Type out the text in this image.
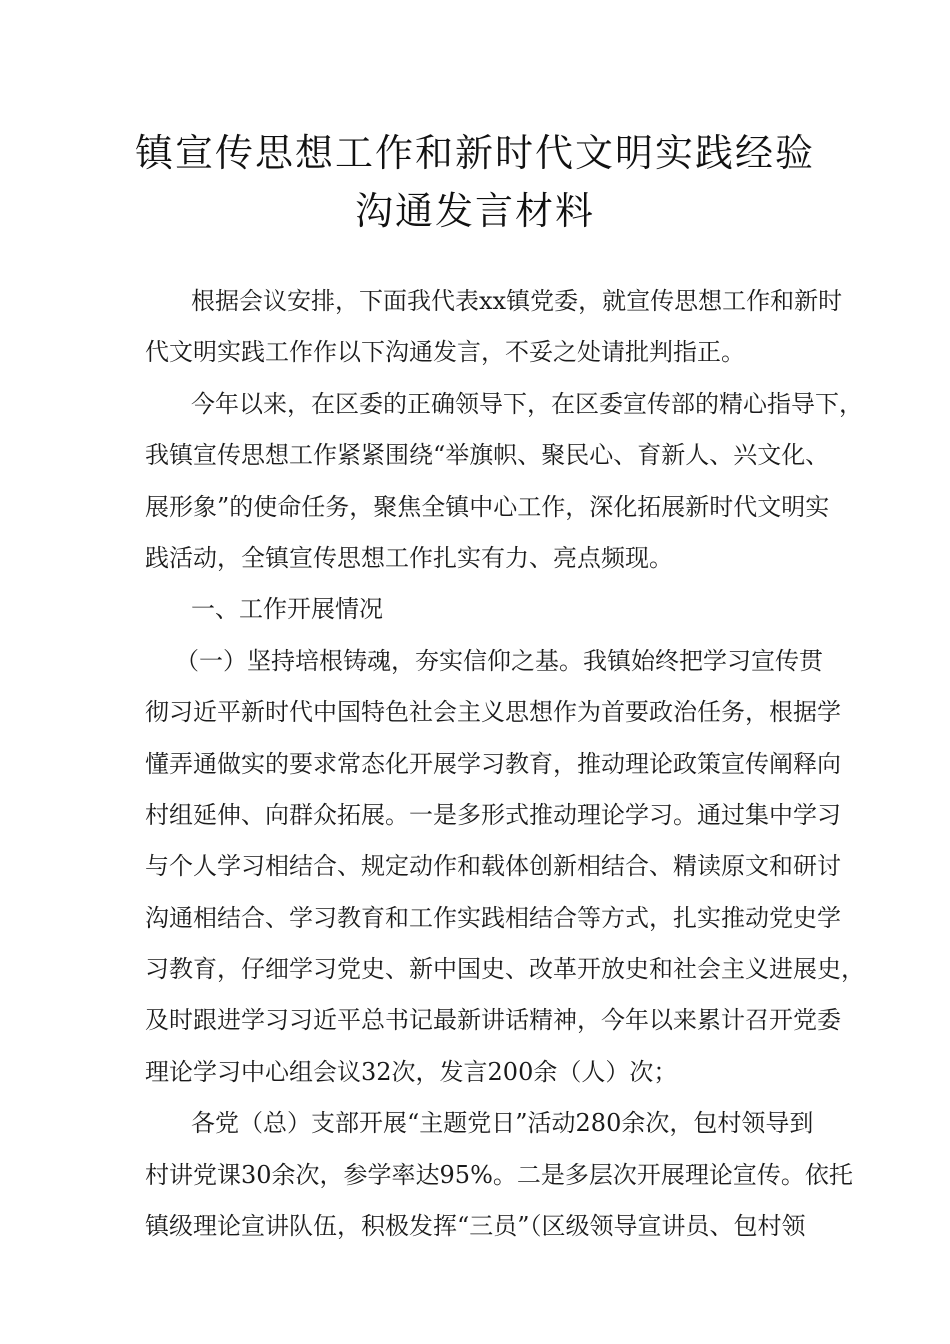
镇宣传思想工作和新时代文明实践经验
沟通发言材料
根据会议安排，下面我代表xx镇党委，就宣传思想工作和新时
代文明实践工作作以下沟通发言，不妥之处请批判指正。
今年以来，在区委的正确领导下，在区委宣传部的精心指导下，
我镇宣传思想工作紧紧围绕“举旗帜、聚民心、育新人、兴文化、
展形象”的使命任务，聚焦全镇中心工作，深化拓展新时代文明实
践活动，全镇宣传思想工作扎实有力、亮点频现。
一、工作开展情况
（一）坚持培根铸魂，夯实信仰之基。我镇始终把学习宣传贯
彻习近平新时代中国特色社会主义思想作为首要政治任务，根据学
懂弄通做实的要求常态化开展学习教育，推动理论政策宣传阐释向
村组延伸、向群众拓展。一是多形式推动理论学习。通过集中学习
与个人学习相结合、规定动作和载体创新相结合、精读原文和研讨
沟通相结合、学习教育和工作实践相结合等方式，扎实推动党史学
习教育，仔细学习党史、新中国史、改革开放史和社会主义进展史，
及时跟进学习习近平总书记最新讲话精神，今年以来累计召开党委
理论学习中心组会议32次，发言200余（人）次；
各党（总）支部开展“主题党日”活动280余次，包村领导到
村讲党课30余次，参学率达95%。二是多层次开展理论宣传。依托
镇级理论宣讲队伍，积极发挥“三员”（区级领导宣讲员、包村领
